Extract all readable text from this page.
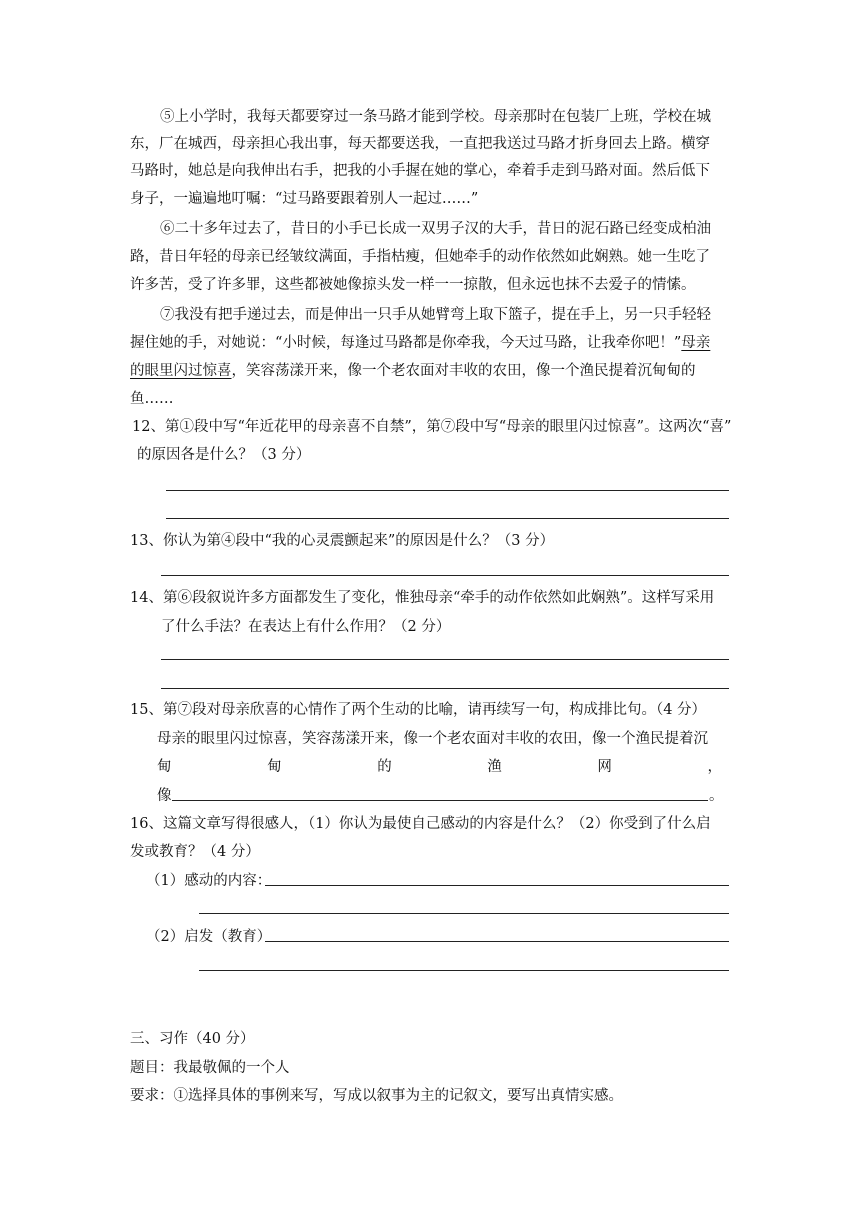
⑤上小学时，我每天都要穿过一条马路才能到学校。母亲那时在包装厂上班，学校在城
东，厂在城西，母亲担心我出事，每天都要送我，一直把我送过马路才折身回去上路。横穿
马路时，她总是向我伸出右手，把我的小手握在她的掌心，牵着手走到马路对面。然后低下
身子，一遍遍地叮嘱：“过马路要跟着别人一起过……”
⑥二十多年过去了，昔日的小手已长成一双男子汉的大手，昔日的泥石路已经变成柏油
路，昔日年轻的母亲已经皱纹满面，手指枯瘦，但她牵手的动作依然如此娴熟。她一生吃了
许多苦，受了许多罪，这些都被她像掠头发一样一一掠散，但永远也抹不去爱子的情愫。
⑦我没有把手递过去，而是伸出一只手从她臂弯上取下篮子，提在手上，另一只手轻轻
握住她的手，对她说：“小时候，每逢过马路都是你牵我，今天过马路，让我牵你吧！”母亲
的眼里闪过惊喜，笑容荡漾开来，像一个老农面对丰收的农田，像一个渔民提着沉甸甸的
鱼……
12、第①段中写“年近花甲的母亲喜不自禁”，第⑦段中写“母亲的眼里闪过惊喜”。这两次“喜”
的原因各是什么？（3 分）
13、你认为第④段中“我的心灵震颤起来”的原因是什么？（3 分）
14、第⑥段叙说许多方面都发生了变化，惟独母亲“牵手的动作依然如此娴熟”。这样写采用
了什么手法？在表达上有什么作用？（2 分）
15、第⑦段对母亲欣喜的心情作了两个生动的比喻，请再续写一句，构成排比句。（4 分）
母亲的眼里闪过惊喜，笑容荡漾开来，像一个老农面对丰收的农田，像一个渔民提着沉
甸	甸	的	渔	网	，
像	。
16、这篇文章写得很感人，（1）你认为最使自己感动的内容是什么？（2）你受到了什么启
发或教育？（4 分）
（1）感动的内容：
（2）启发（教育）
三、习作（40 分）
题目：我最敬佩的一个人
要求：①选择具体的事例来写，写成以叙事为主的记叙文，要写出真情实感。
